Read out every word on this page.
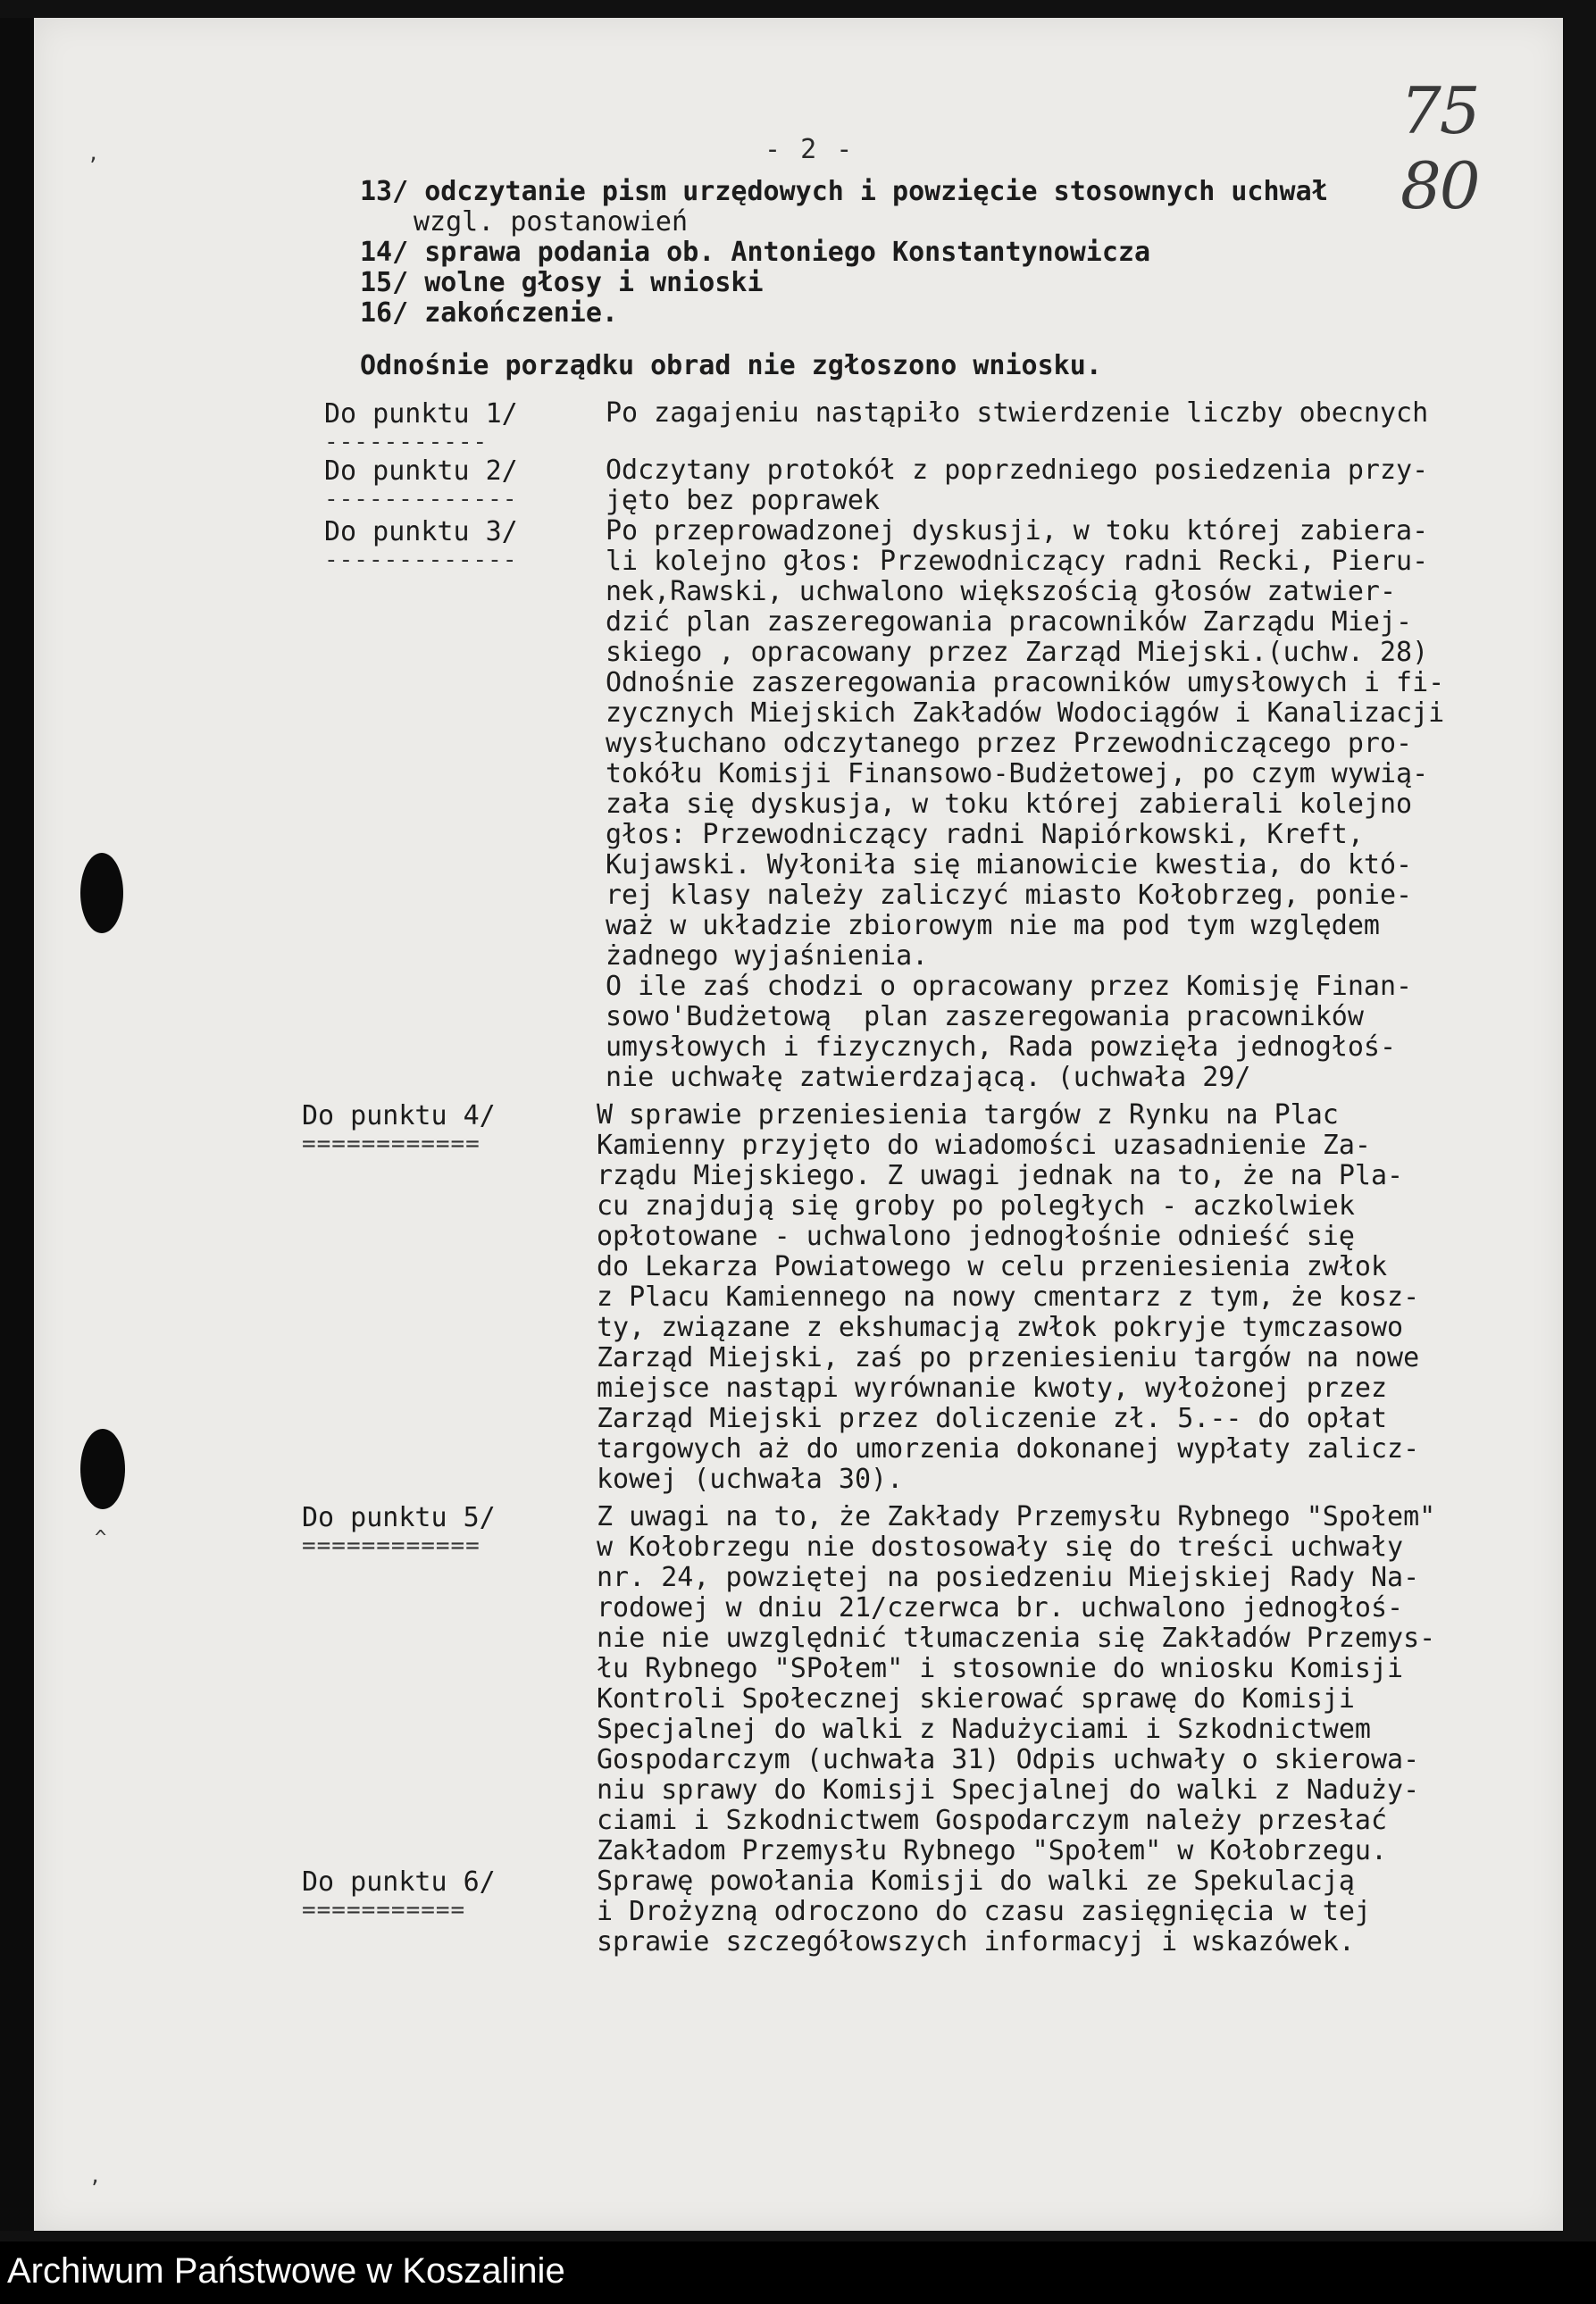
,
^
,
- 2 -
75 80
13/ odczytanie pism urzędowych i powzięcie stosownych uchwał
wzgl. postanowień
14/ sprawa podania ob. Antoniego Konstantynowicza
15/ wolne głosy i wnioski
16/ zakończenie.
Odnośnie porządku obrad nie zgłoszono wniosku.
Do punktu 1/
-----------
Po zagajeniu nastąpiło stwierdzenie liczby obecnych
Do punktu 2/
-------------
Odczytany protokół z poprzedniego posiedzenia przy-
jęto bez poprawek
Do punktu 3/
-------------
Po przeprowadzonej dyskusji, w toku której zabiera-
li kolejno głos: Przewodniczący radni Recki, Pieru-
nek,Rawski, uchwalono większością głosów zatwier-
dzić plan zaszeregowania pracowników Zarządu Miej-
skiego , opracowany przez Zarząd Miejski.(uchw. 28)
Odnośnie zaszeregowania pracowników umysłowych i fi-
zycznych Miejskich Zakładów Wodociągów i Kanalizacji
wysłuchano odczytanego przez Przewodniczącego pro-
tokółu Komisji Finansowo-Budżetowej, po czym wywią-
zała się dyskusja, w toku której zabierali kolejno
głos: Przewodniczący radni Napiórkowski, Kreft,
Kujawski. Wyłoniła się mianowicie kwestia, do któ-
rej klasy należy zaliczyć miasto Kołobrzeg, ponie-
waż w układzie zbiorowym nie ma pod tym względem
żadnego wyjaśnienia.
O ile zaś chodzi o opracowany przez Komisję Finan-
sowo'Budżetową  plan zaszeregowania pracowników
umysłowych i fizycznych, Rada powzięła jednogłoś-
nie uchwałę zatwierdzającą. (uchwała 29/
Do punktu 4/
============
W sprawie przeniesienia targów z Rynku na Plac
Kamienny przyjęto do wiadomości uzasadnienie Za-
rządu Miejskiego. Z uwagi jednak na to, że na Pla-
cu znajdują się groby po poległych - aczkolwiek
opłotowane - uchwalono jednogłośnie odnieść się
do Lekarza Powiatowego w celu przeniesienia zwłok
z Placu Kamiennego na nowy cmentarz z tym, że kosz-
ty, związane z ekshumacją zwłok pokryje tymczasowo
Zarząd Miejski, zaś po przeniesieniu targów na nowe
miejsce nastąpi wyrównanie kwoty, wyłożonej przez
Zarząd Miejski przez doliczenie zł. 5.-- do opłat
targowych aż do umorzenia dokonanej wypłaty zalicz-
kowej (uchwała 30).
Do punktu 5/
============
Z uwagi na to, że Zakłady Przemysłu Rybnego "Społem"
w Kołobrzegu nie dostosowały się do treści uchwały
nr. 24, powziętej na posiedzeniu Miejskiej Rady Na-
rodowej w dniu 21/czerwca br. uchwalono jednogłoś-
nie nie uwzględnić tłumaczenia się Zakładów Przemys-
łu Rybnego "SPołem" i stosownie do wniosku Komisji
Kontroli Społecznej skierować sprawę do Komisji
Specjalnej do walki z Nadużyciami i Szkodnictwem
Gospodarczym (uchwała 31) Odpis uchwały o skierowa-
niu sprawy do Komisji Specjalnej do walki z Naduży-
ciami i Szkodnictwem Gospodarczym należy przesłać
Zakładom Przemysłu Rybnego "Społem" w Kołobrzegu.
Do punktu 6/
===========
Sprawę powołania Komisji do walki ze Spekulacją
i Drożyzną odroczono do czasu zasięgnięcia w tej
sprawie szczegółowszych informacyj i wskazówek.
Archiwum Państwowe w Koszalinie
